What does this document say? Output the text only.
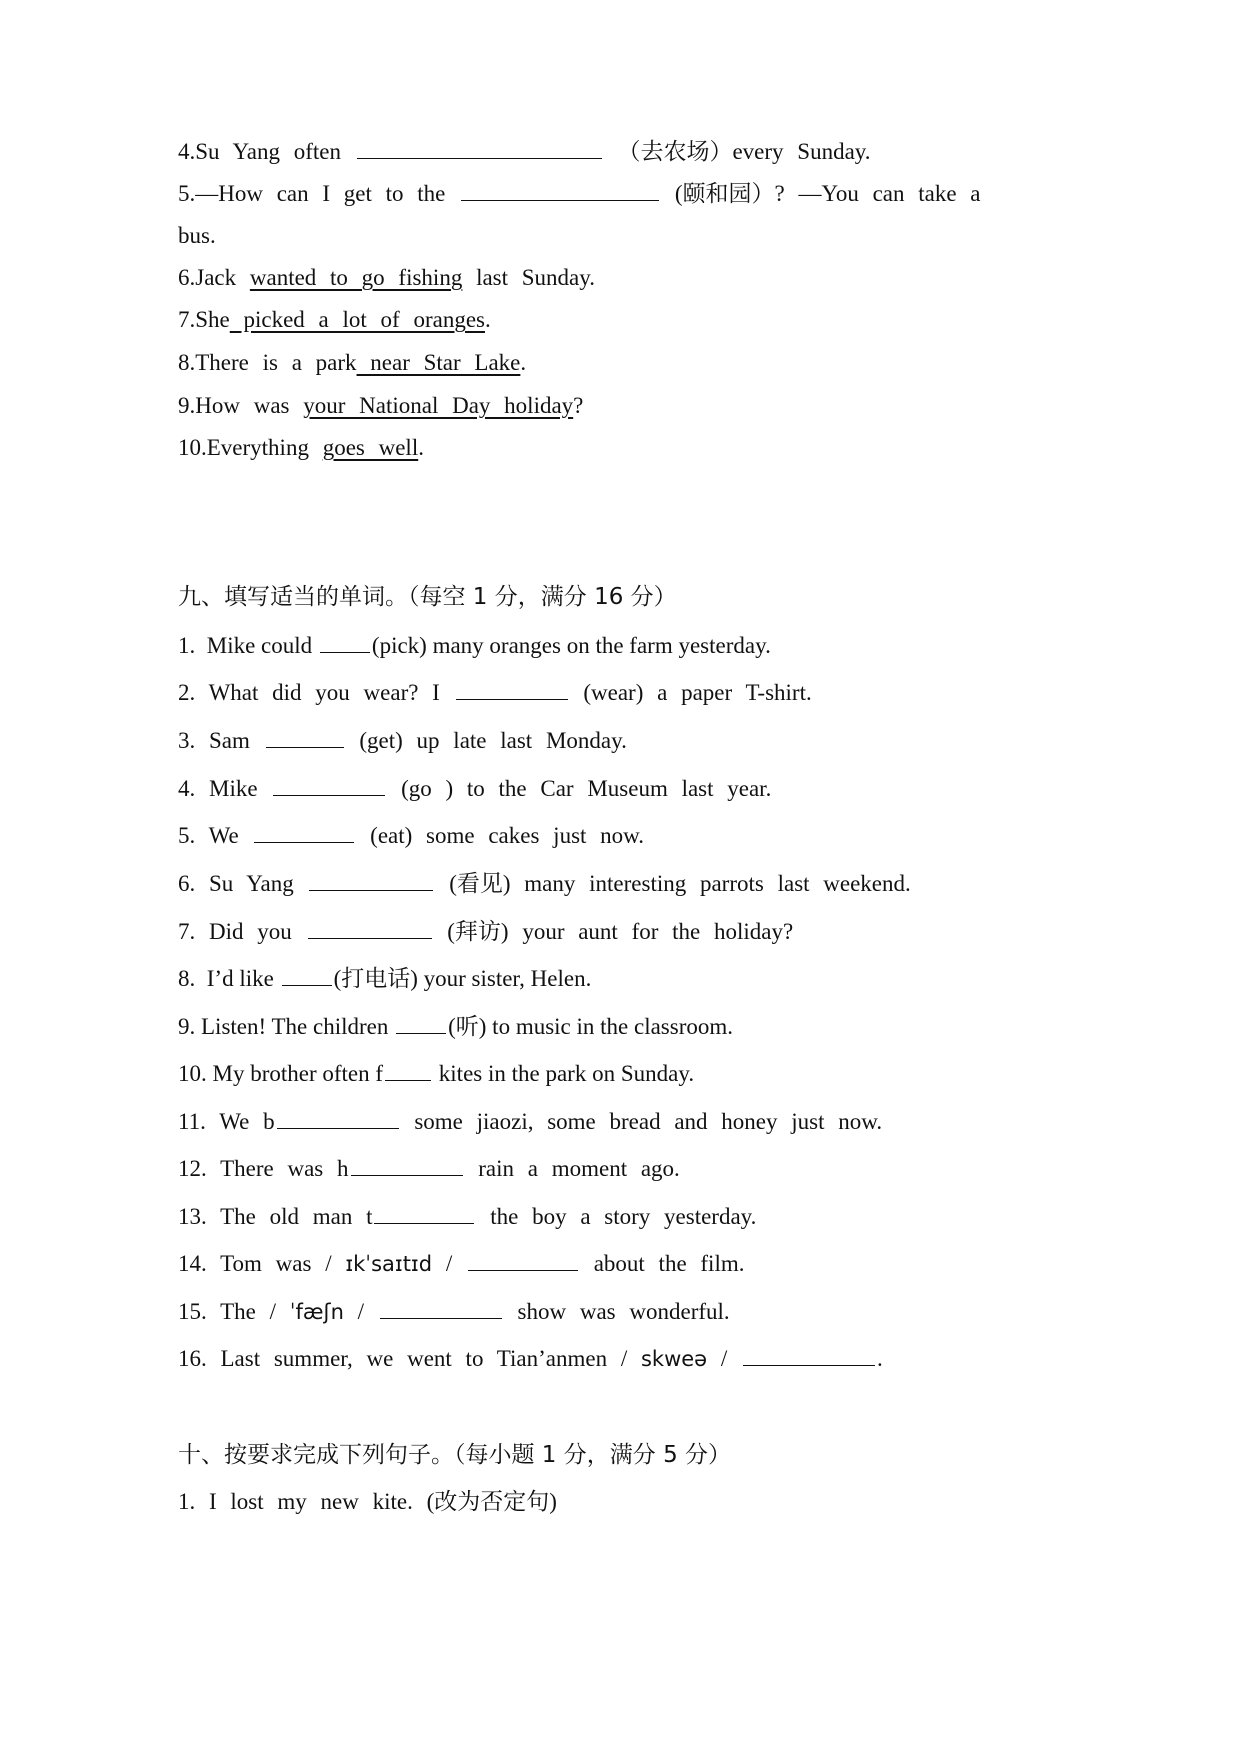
4.Su Yang often	（去农场）every Sunday.
5.—How can I get to the	(颐和园）? —You can take a
bus.
6.Jack wanted to go fishing last Sunday.
7.She picked a lot of oranges.
8.There is a park near Star Lake.
9.How was your National Day holiday?
10.Everything goes well.
九、填写适当的单词。（每空 1 分，满分 16 分）
1. Mike could	(pick) many oranges on the farm yesterday.
2. What did you wear? I	(wear) a paper T-shirt.
3. Sam	(get) up late last Monday.
4. Mike	(go ) to the Car Museum last year.
5. We	(eat) some cakes just now.
6. Su Yang	(看见) many interesting parrots last weekend.
7. Did you	(拜访) your aunt for the holiday?
8. I’d like	(打电话) your sister, Helen.
9. Listen! The children	(听) to music in the classroom.
10. My brother often f kites in the park on Sunday.
11. We b	some jiaozi, some bread and honey just now.
12. There was h	rain a moment ago.
13. The old man t	the boy a story yesterday.
14. Tom was / ɪkˈsaɪtɪd /	about the film.
15. The / ˈfæʃn /	show was wonderful.
16. Last summer, we went to Tian’anmen / skweə /	.
十、按要求完成下列句子。（每小题 1 分，满分 5 分）
1. I lost my new kite. (改为否定句)
